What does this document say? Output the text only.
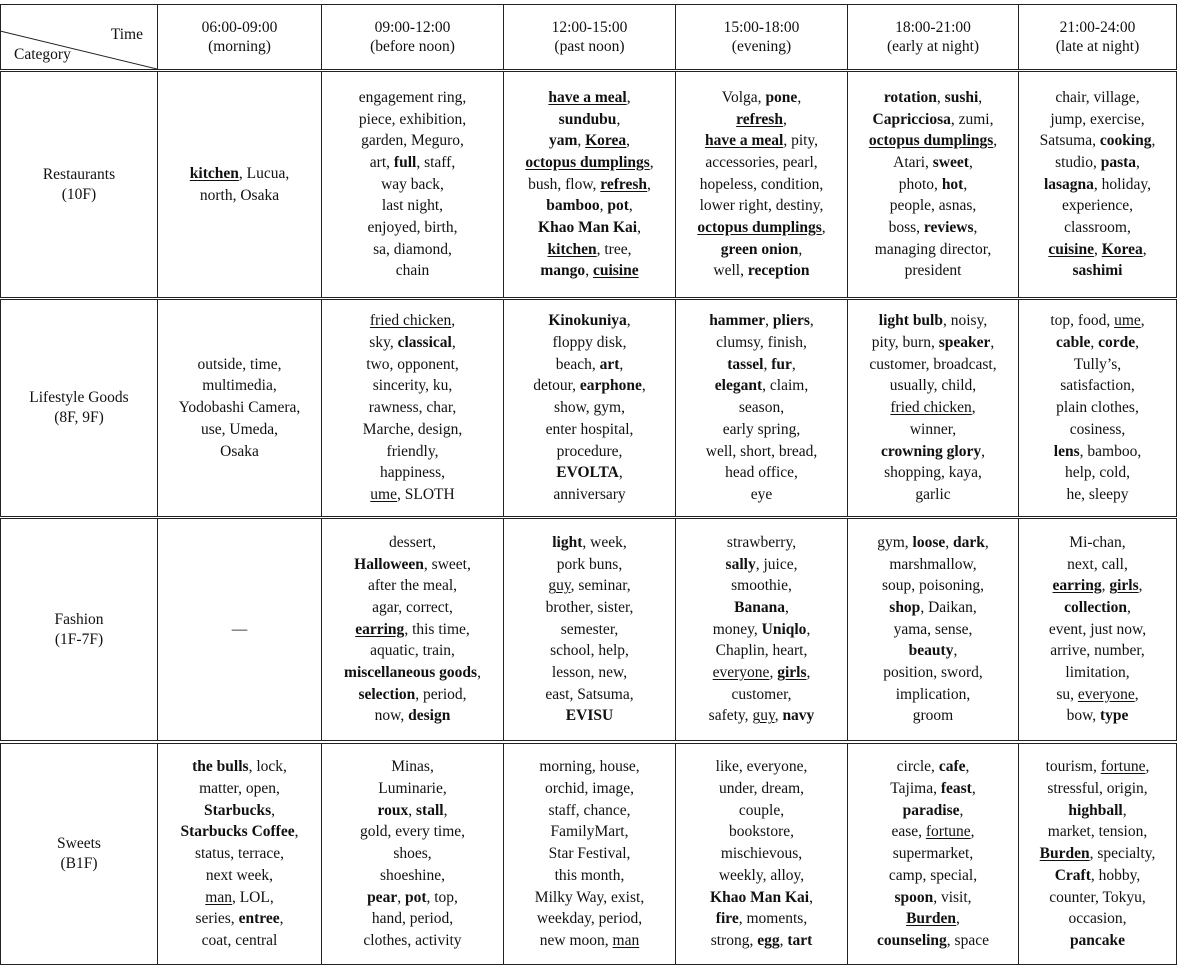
Time
Category
06:00-09:00
(morning)
09:00-12:00
(before noon)
12:00-15:00
(past noon)
15:00-18:00
(evening)
18:00-21:00
(early at night)
21:00-24:00
(late at night)
Restaurants
(10F)
kitchen, Lucua,
north, Osaka
engagement ring,
piece, exhibition,
garden, Meguro,
art, full, staff,
way back,
last night,
enjoyed, birth,
sa, diamond,
chain
have a meal,
sundubu,
yam, Korea,
octopus dumplings,
bush, flow, refresh,
bamboo, pot,
Khao Man Kai,
kitchen, tree,
mango, cuisine
Volga, pone,
refresh,
have a meal, pity,
accessories, pearl,
hopeless, condition,
lower right, destiny,
octopus dumplings,
green onion,
well, reception
rotation, sushi,
Capricciosa, zumi,
octopus dumplings,
Atari, sweet,
photo, hot,
people, asnas,
boss, reviews,
managing director,
president
chair, village,
jump, exercise,
Satsuma, cooking,
studio, pasta,
lasagna, holiday,
experience,
classroom,
cuisine, Korea,
sashimi
Lifestyle Goods
(8F, 9F)
outside, time,
multimedia,
Yodobashi Camera,
use, Umeda,
Osaka
fried chicken,
sky, classical,
two, opponent,
sincerity, ku,
rawness, char,
Marche, design,
friendly,
happiness,
ume, SLOTH
Kinokuniya,
floppy disk,
beach, art,
detour, earphone,
show, gym,
enter hospital,
procedure,
EVOLTA,
anniversary
hammer, pliers,
clumsy, finish,
tassel, fur,
elegant, claim,
season,
early spring,
well, short, bread,
head office,
eye
light bulb, noisy,
pity, burn, speaker,
customer, broadcast,
usually, child,
fried chicken,
winner,
crowning glory,
shopping, kaya,
garlic
top, food, ume,
cable, corde,
Tully’s,
satisfaction,
plain clothes,
cosiness,
lens, bamboo,
help, cold,
he, sleepy
Fashion
(1F-7F)
—
dessert,
Halloween, sweet,
after the meal,
agar, correct,
earring, this time,
aquatic, train,
miscellaneous goods,
selection, period,
now, design
light, week,
pork buns,
guy, seminar,
brother, sister,
semester,
school, help,
lesson, new,
east, Satsuma,
EVISU
strawberry,
sally, juice,
smoothie,
Banana,
money, Uniqlo,
Chaplin, heart,
everyone, girls,
customer,
safety, guy, navy
gym, loose, dark,
marshmallow,
soup, poisoning,
shop, Daikan,
yama, sense,
beauty,
position, sword,
implication,
groom
Mi-chan,
next, call,
earring, girls,
collection,
event, just now,
arrive, number,
limitation,
su, everyone,
bow, type
Sweets
(B1F)
the bulls, lock,
matter, open,
Starbucks,
Starbucks Coffee,
status, terrace,
next week,
man, LOL,
series, entree,
coat, central
Minas,
Luminarie,
roux, stall,
gold, every time,
shoes,
shoeshine,
pear, pot, top,
hand, period,
clothes, activity
morning, house,
orchid, image,
staff, chance,
FamilyMart,
Star Festival,
this month,
Milky Way, exist,
weekday, period,
new moon, man
like, everyone,
under, dream,
couple,
bookstore,
mischievous,
weekly, alloy,
Khao Man Kai,
fire, moments,
strong, egg, tart
circle, cafe,
Tajima, feast,
paradise,
ease, fortune,
supermarket,
camp, special,
spoon, visit,
Burden,
counseling, space
tourism, fortune,
stressful, origin,
highball,
market, tension,
Burden, specialty,
Craft, hobby,
counter, Tokyu,
occasion,
pancake
